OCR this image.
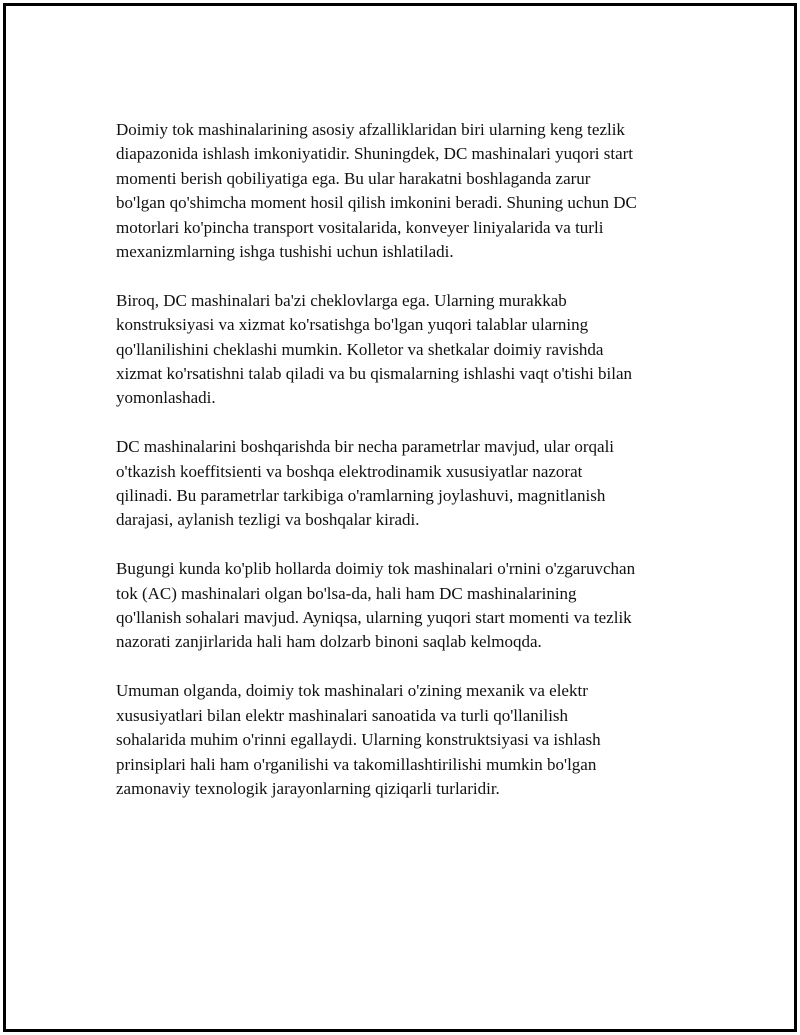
Doimiy tok mashinalarining asosiy afzalliklaridan biri ularning keng tezlik
diapazonida ishlash imkoniyatidir. Shuningdek, DC mashinalari yuqori start
momenti berish qobiliyatiga ega. Bu ular harakatni boshlaganda zarur
bo'lgan qo'shimcha moment hosil qilish imkonini beradi. Shuning uchun DC
motorlari ko'pincha transport vositalarida, konveyer liniyalarida va turli
mexanizmlarning ishga tushishi uchun ishlatiladi.

Biroq, DC mashinalari ba'zi cheklovlarga ega. Ularning murakkab
konstruksiyasi va xizmat ko'rsatishga bo'lgan yuqori talablar ularning
qo'llanilishini cheklashi mumkin. Kolletor va shetkalar doimiy ravishda
xizmat ko'rsatishni talab qiladi va bu qismalarning ishlashi vaqt o'tishi bilan
yomonlashadi.

DC mashinalarini boshqarishda bir necha parametrlar mavjud, ular orqali
o'tkazish koeffitsienti va boshqa elektrodinamik xususiyatlar nazorat
qilinadi. Bu parametrlar tarkibiga o'ramlarning joylashuvi, magnitlanish
darajasi, aylanish tezligi va boshqalar kiradi.

Bugungi kunda ko'plib hollarda doimiy tok mashinalari o'rnini o'zgaruvchan
tok (AC) mashinalari olgan bo'lsa-da, hali ham DC mashinalarining
qo'llanish sohalari mavjud. Ayniqsa, ularning yuqori start momenti va tezlik
nazorati zanjirlarida hali ham dolzarb binoni saqlab kelmoqda.

Umuman olganda, doimiy tok mashinalari o'zining mexanik va elektr
xususiyatlari bilan elektr mashinalari sanoatida va turli qo'llanilish
sohalarida muhim o'rinni egallaydi. Ularning konstruktsiyasi va ishlash
prinsiplari hali ham o'rganilishi va takomillashtirilishi mumkin bo'lgan
zamonaviy texnologik jarayonlarning qiziqarli turlaridir.
